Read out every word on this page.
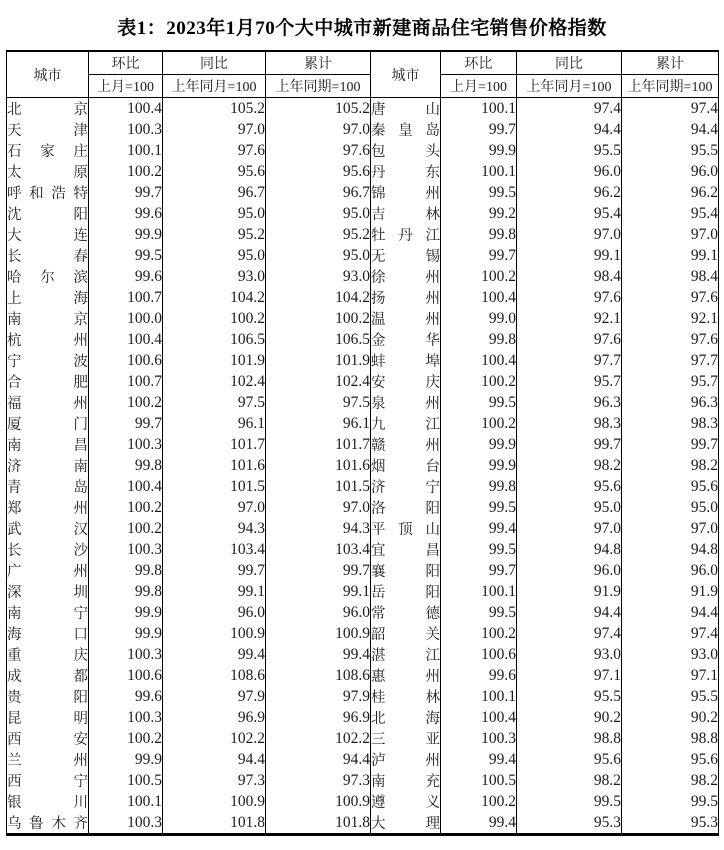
表1：2023年1月70个大中城市新建商品住宅销售价格指数
城市	环比	同比	累计	城市	环比	同比	累计
	上月=100	上年同月=100	上年同期=100		上月=100	上年同月=100	上年同期=100
北京	100.4	105.2	105.2	唐山	100.1	97.4	97.4
天津	100.3	97.0	97.0	秦皇岛	99.7	94.4	94.4
石家庄	100.1	97.6	97.6	包头	99.9	95.5	95.5
太原	100.2	95.6	95.6	丹东	100.1	96.0	96.0
呼和浩特	99.7	96.7	96.7	锦州	99.5	96.2	96.2
沈阳	99.6	95.0	95.0	吉林	99.2	95.4	95.4
大连	99.9	95.2	95.2	牡丹江	99.8	97.0	97.0
长春	99.5	95.0	95.0	无锡	99.7	99.1	99.1
哈尔滨	99.6	93.0	93.0	徐州	100.2	98.4	98.4
上海	100.7	104.2	104.2	扬州	100.4	97.6	97.6
南京	100.0	100.2	100.2	温州	99.0	92.1	92.1
杭州	100.4	106.5	106.5	金华	99.8	97.6	97.6
宁波	100.6	101.9	101.9	蚌埠	100.4	97.7	97.7
合肥	100.7	102.4	102.4	安庆	100.2	95.7	95.7
福州	100.2	97.5	97.5	泉州	99.5	96.3	96.3
厦门	99.7	96.1	96.1	九江	100.2	98.3	98.3
南昌	100.3	101.7	101.7	赣州	99.9	99.7	99.7
济南	99.8	101.6	101.6	烟台	99.9	98.2	98.2
青岛	100.4	101.5	101.5	济宁	99.8	95.6	95.6
郑州	100.2	97.0	97.0	洛阳	99.5	95.0	95.0
武汉	100.2	94.3	94.3	平顶山	99.4	97.0	97.0
长沙	100.3	103.4	103.4	宜昌	99.5	94.8	94.8
广州	99.8	99.7	99.7	襄阳	99.7	96.0	96.0
深圳	99.8	99.1	99.1	岳阳	100.1	91.9	91.9
南宁	99.9	96.0	96.0	常德	99.5	94.4	94.4
海口	99.9	100.9	100.9	韶关	100.2	97.4	97.4
重庆	100.3	99.4	99.4	湛江	100.6	93.0	93.0
成都	100.6	108.6	108.6	惠州	99.6	97.1	97.1
贵阳	99.6	97.9	97.9	桂林	100.1	95.5	95.5
昆明	100.3	96.9	96.9	北海	100.4	90.2	90.2
西安	100.2	102.2	102.2	三亚	100.3	98.8	98.8
兰州	99.9	94.4	94.4	泸州	99.4	95.6	95.6
西宁	100.5	97.3	97.3	南充	100.5	98.2	98.2
银川	100.1	100.9	100.9	遵义	100.2	99.5	99.5
乌鲁木齐	100.3	101.8	101.8	大理	99.4	95.3	95.3
